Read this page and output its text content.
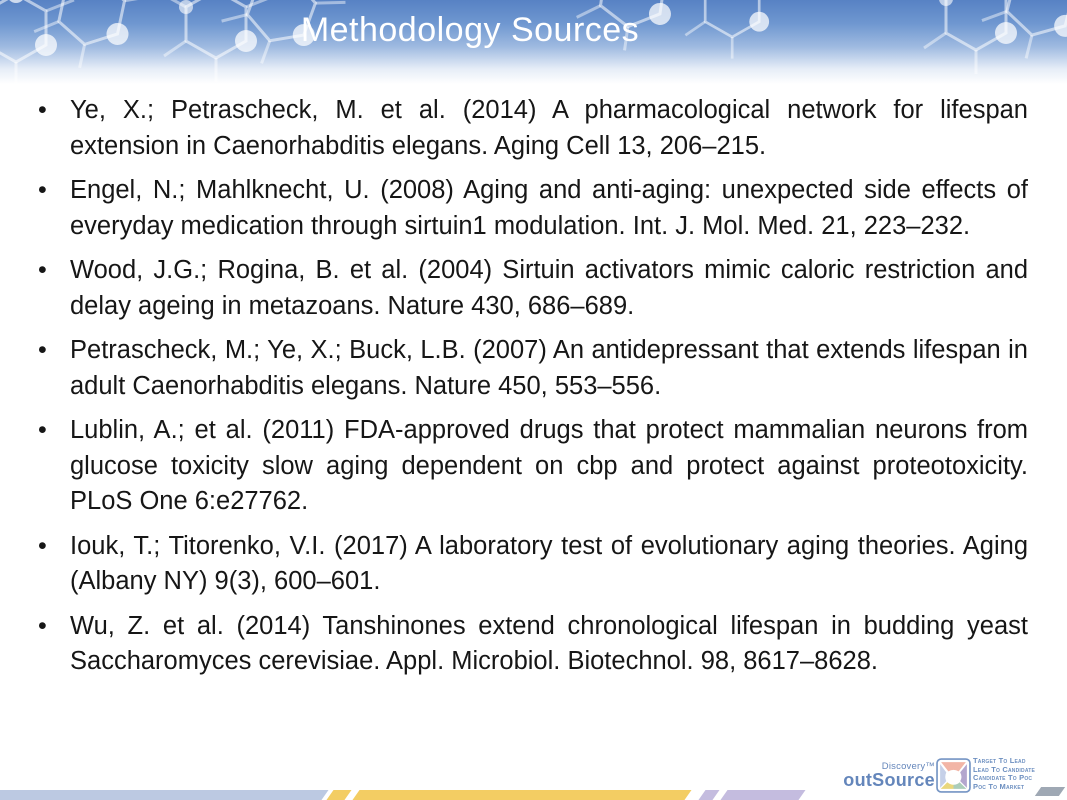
Methodology Sources
• Ye, X.; Petrascheck, M. et al. (2014) A pharmacological network for lifespan extension in Caenorhabditis elegans. Aging Cell 13, 206–215.
• Engel, N.; Mahlknecht, U. (2008) Aging and anti-aging: unexpected side effects of everyday medication through sirtuin1 modulation. Int. J. Mol. Med. 21, 223–232.
• Wood, J.G.; Rogina, B. et al. (2004) Sirtuin activators mimic caloric restriction and delay ageing in metazoans. Nature 430, 686–689.
• Petrascheck, M.; Ye, X.; Buck, L.B. (2007) An antidepressant that extends lifespan in adult Caenorhabditis elegans. Nature 450, 553–556.
• Lublin, A.; et al. (2011) FDA-approved drugs that protect mammalian neurons from glucose toxicity slow aging dependent on cbp and protect against proteotoxicity. PLoS One 6:e27762.
• Iouk, T.; Titorenko, V.I. (2017) A laboratory test of evolutionary aging theories. Aging (Albany NY) 9(3), 600–601.
• Wu, Z. et al. (2014) Tanshinones extend chronological lifespan in budding yeast Saccharomyces cerevisiae. Appl. Microbiol. Biotechnol. 98, 8617–8628.
Discovery™
outSource
Target To Lead
Lead To Candidate
Candidate To Poc
Poc To Market
